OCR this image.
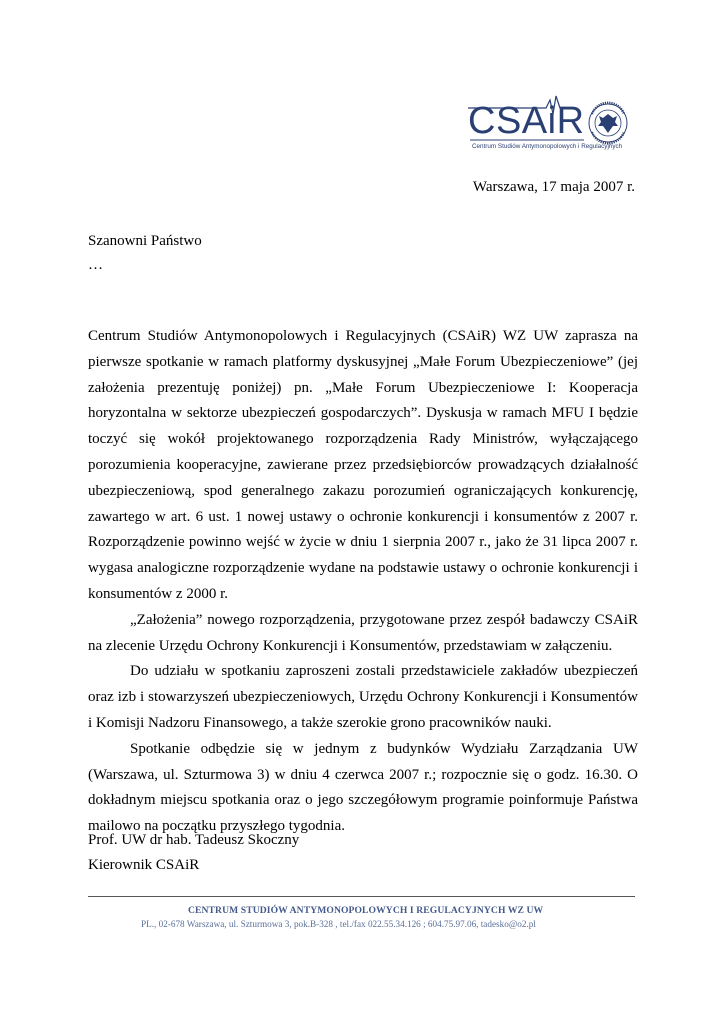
CSAiR
Centrum Studiów Antymonopolowych i Regulacyjnych
Warszawa, 17 maja 2007 r.
Szanowni Państwo
…

Centrum Studiów Antymonopolowych i Regulacyjnych (CSAiR) WZ UW zaprasza na pierwsze spotkanie w ramach platformy dyskusyjnej „Małe Forum Ubezpieczeniowe” (jej założenia prezentuję poniżej) pn. „Małe Forum Ubezpieczeniowe I: Kooperacja horyzontalna w sektorze ubezpieczeń gospodarczych”. Dyskusja w ramach MFU I będzie toczyć się wokół projektowanego rozporządzenia Rady Ministrów, wyłączającego porozumienia kooperacyjne, zawierane przez przedsiębiorców prowadzących działalność ubezpieczeniową, spod generalnego zakazu porozumień ograniczających konkurencję, zawartego w art. 6 ust. 1 nowej ustawy o ochronie konkurencji i konsumentów z 2007 r. Rozporządzenie powinno wejść w życie w dniu 1 sierpnia 2007 r., jako że 31 lipca 2007 r. wygasa analogiczne rozporządzenie wydane na podstawie ustawy o ochronie konkurencji i konsumentów z 2000 r.

„Założenia” nowego rozporządzenia, przygotowane przez zespół badawczy CSAiR na zlecenie Urzędu Ochrony Konkurencji i Konsumentów, przedstawiam w załączeniu.

Do udziału w spotkaniu zaproszeni zostali przedstawiciele zakładów ubezpieczeń oraz izb i stowarzyszeń ubezpieczeniowych, Urzędu Ochrony Konkurencji i Konsumentów i Komisji Nadzoru Finansowego, a także szerokie grono pracowników nauki.

Spotkanie odbędzie się w jednym z budynków Wydziału Zarządzania UW (Warszawa, ul. Szturmowa 3) w dniu 4 czerwca 2007 r.; rozpocznie się o godz. 16.30. O dokładnym miejscu spotkania oraz o jego szczegółowym programie poinformuje Państwa mailowo na początku przyszłego tygodnia.

Prof. UW dr hab. Tadeusz Skoczny
Kierownik CSAiR
CENTRUM STUDIÓW ANTYMONOPOLOWYCH I REGULACYJNYCH WZ UW
PL., 02-678 Warszawa, ul. Szturmowa 3, pok.B-328 , tel./fax 022.55.34.126 ; 604.75.97.06, tadesko@o2.pl
